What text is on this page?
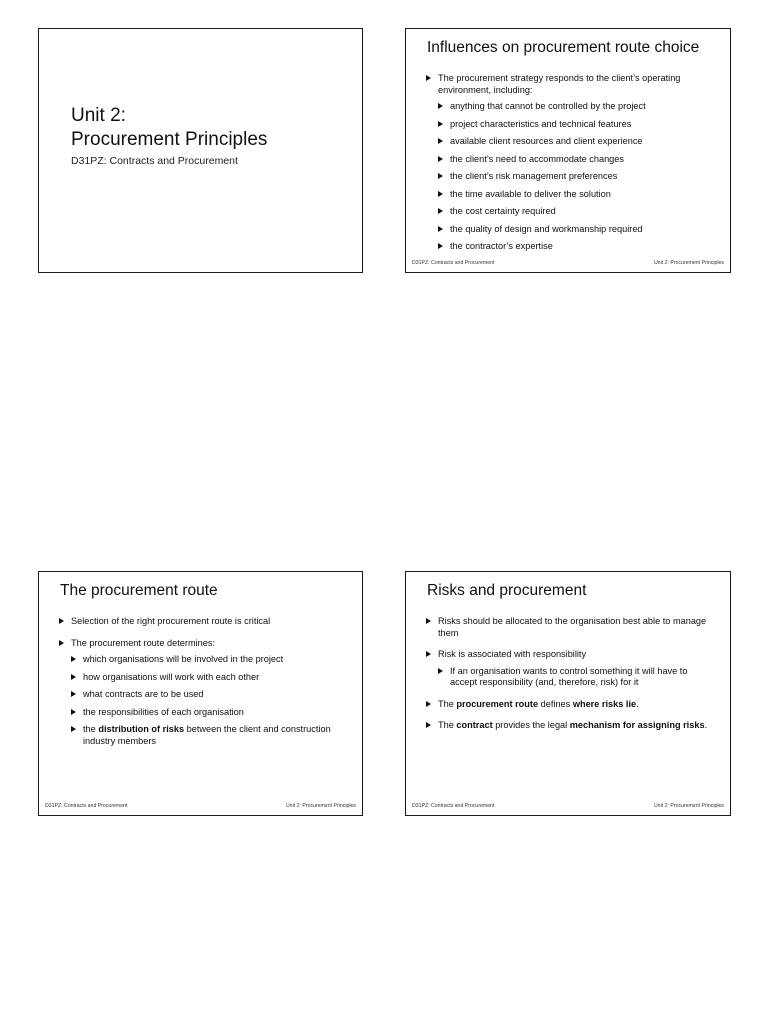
Unit 2:
Procurement Principles
D31PZ: Contracts and Procurement
Influences on procurement route choice
The procurement strategy responds to the client’s operating environment, including:
anything that cannot be controlled by the project
project characteristics and technical features
available client resources and client experience
the client’s need to accommodate changes
the client’s risk management preferences
the time available to deliver the solution
the cost certainty required
the quality of design and workmanship required
the contractor’s expertise
D31PZ: Contracts and Procurement	Unit 2: Procurement Principles
The procurement route
Selection of the right procurement route is critical
The procurement route determines:
which organisations will be involved in the project
how organisations will work with each other
what contracts are to be used
the responsibilities of each organisation
the distribution of risks between the client and construction industry members
D31PZ: Contracts and Procurement	Unit 2: Procurement Principles
Risks and procurement
Risks should be allocated to the organisation best able to manage them
Risk is associated with responsibility
If an organisation wants to control something it will have to accept responsibility (and, therefore, risk) for it
The procurement route defines where risks lie.
The contract provides the legal mechanism for assigning risks.
D31PZ: Contracts and Procurement	Unit 2: Procurement Principles
